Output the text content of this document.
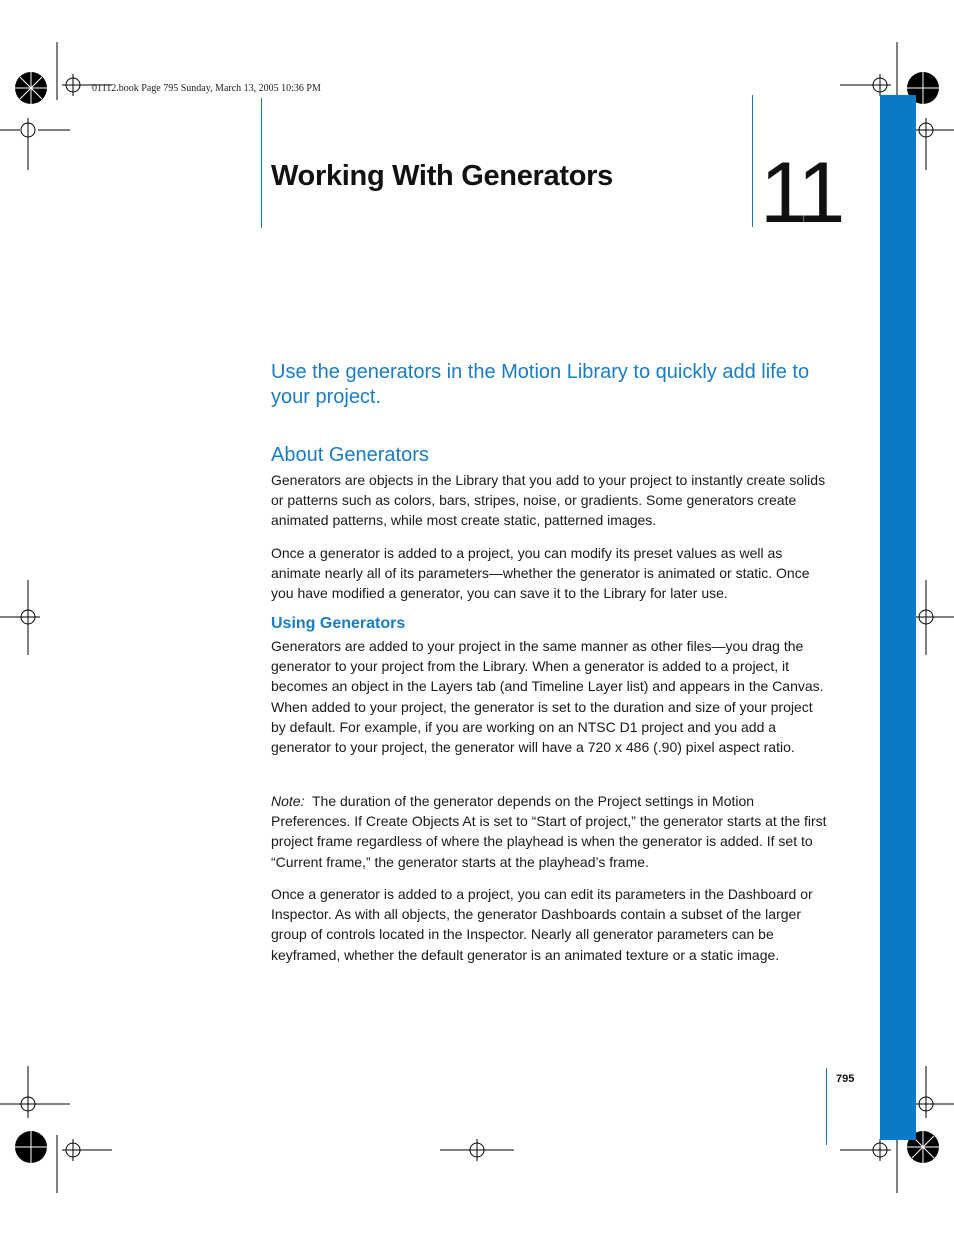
01112.book Page 795 Sunday, March 13, 2005 10:36 PM
Working With Generators 11

Use the generators in the Motion Library to quickly add life to your project.

About Generators

Generators are objects in the Library that you add to your project to instantly create solids or patterns such as colors, bars, stripes, noise, or gradients. Some generators create animated patterns, while most create static, patterned images.

Once a generator is added to a project, you can modify its preset values as well as animate nearly all of its parameters—whether the generator is animated or static. Once you have modified a generator, you can save it to the Library for later use.

Using Generators

Generators are added to your project in the same manner as other files—you drag the generator to your project from the Library. When a generator is added to a project, it becomes an object in the Layers tab (and Timeline Layer list) and appears in the Canvas. When added to your project, the generator is set to the duration and size of your project by default. For example, if you are working on an NTSC D1 project and you add a generator to your project, the generator will have a 720 x 486 (.90) pixel aspect ratio.

Note: The duration of the generator depends on the Project settings in Motion Preferences. If Create Objects At is set to “Start of project,” the generator starts at the first project frame regardless of where the playhead is when the generator is added. If set to “Current frame,” the generator starts at the playhead’s frame.

Once a generator is added to a project, you can edit its parameters in the Dashboard or Inspector. As with all objects, the generator Dashboards contain a subset of the larger group of controls located in the Inspector. Nearly all generator parameters can be keyframed, whether the default generator is an animated texture or a static image.

795
